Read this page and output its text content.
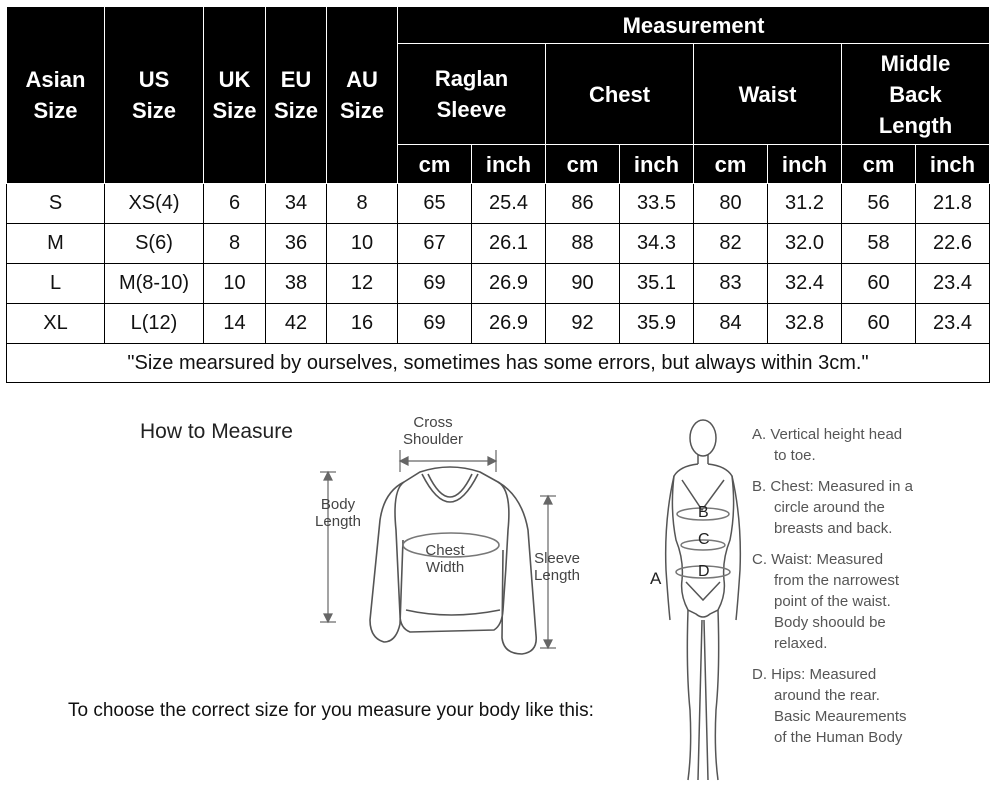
Asian Size	US Size	UK Size	EU Size	AU Size	Measurement							
					Raglan Sleeve		Chest		Waist		Middle Back Length	
					cm	inch	cm	inch	cm	inch	cm	inch
S	XS(4)	6	34	8	65	25.4	86	33.5	80	31.2	56	21.8
M	S(6)	8	36	10	67	26.1	88	34.3	82	32.0	58	22.6
L	M(8-10)	10	38	12	69	26.9	90	35.1	83	32.4	60	23.4
XL	L(12)	14	42	16	69	26.9	92	35.9	84	32.8	60	23.4
"Size mearsured by ourselves, sometimes has some errors, but always within 3cm."												
How to Measure	Cross
Shoulder
Body
Length
Chest
Width
Sleeve
Length
To choose the correct size for you measure your body like this:
A
B
C
D
A. Vertical height head
to toe.
B. Chest: Measured in a
circle around the
breasts and back.
C. Waist: Measured
from the narrowest
point of the waist.
Body shoould be
relaxed.
D. Hips: Measured
around the rear.
Basic Meaurements
of the Human Body
